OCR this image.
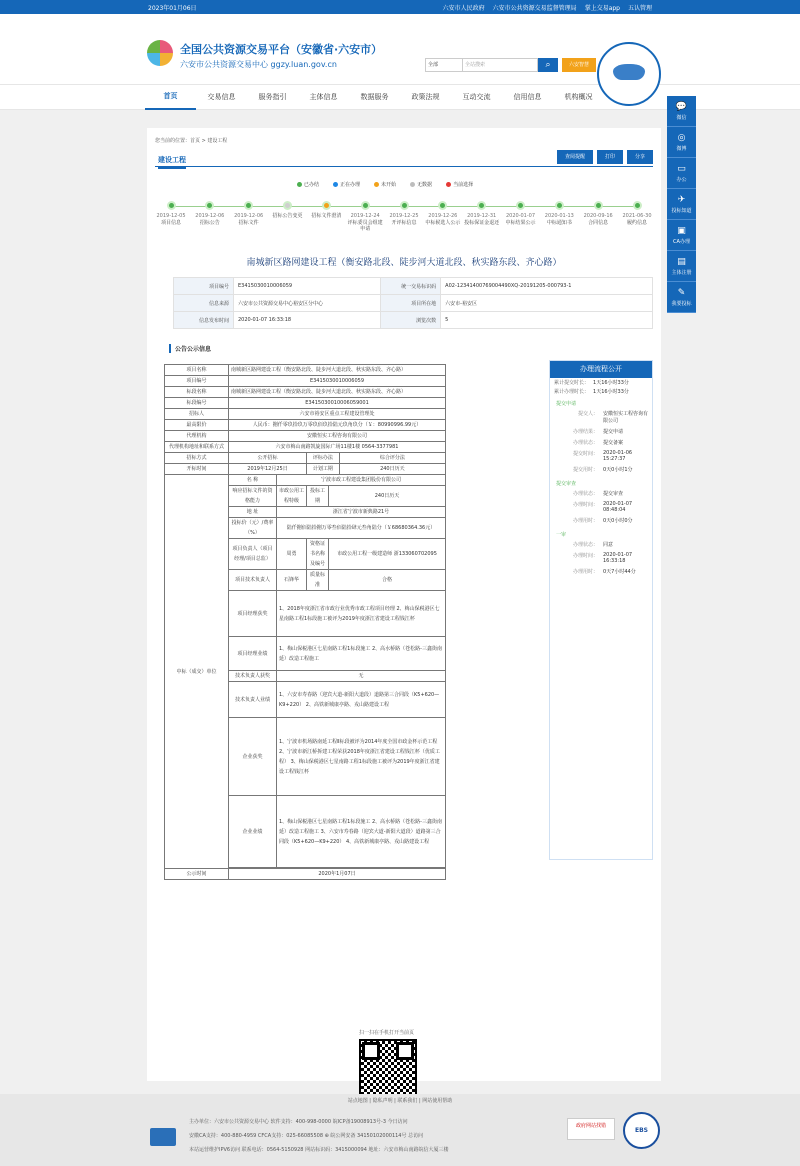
2023年01月06日	六安市人民政府 六安市公共资源交易监督管理局 掌上交易app 五认管理
全国公共资源交易平台（安徽省·六安市）
六安市公共资源交易中心 ggzy.luan.gov.cn	全部	全站搜索	⌕	六安智慧
首页	交易信息	服务指引	主体信息	数据服务	政策法规	互动交流	信用信息	机构概况
💬
微信
◎
微博
▭
办公
✈
投标知道
▣
CA办理
▤
主体注册
✎
我要投标
您当前的位置：首页 > 建设工程
建设工程	查阅提醒	打印	分享
已办结	正在办理	未开始	无数据	当前选择
2019-12-05
项目信息
2019-12-06
招标公告
2019-12-06
招标文件
招标公告变更	招标文件澄清	2019-12-24
评标委员会组建申请
2019-12-25
开评标信息
2019-12-26
中标候选人公示
2019-12-31
投标保证金退还
2020-01-07
中标结果公示
2020-01-13
中标通知书
2020-09-16
合同信息
2021-06-30
履约信息
南城新区路网建设工程（衡安路北段、陡步河大道北段、秋实路东段、齐心路）
项目编号	E3415030010006059	统一交易标识码	A02-12341400769004490XQ-20191205-000793-1
信息来源	六安市公共资源交易中心裕安区分中心	项目所在地	六安市-裕安区
信息发布时间	2020-01-07 16:33:18	浏览次数	5
公告公示信息
项目名称	南城新区路网建设工程（衡安路北段、陡步河大道北段、秋实路东段、齐心路）				
项目编号	E3415030010006059				
标段名称	南城新区路网建设工程（衡安路北段、陡步河大道北段、秋实路东段、齐心路）				
标段编号	E3415030010006059001				
招标人	六安市裕安区重点工程建设管理处				
最高限价	人民币：捌仟零玖拾玖万零玖佰玖拾陆元玖角玖分（￥：80990996.99元）				
代理机构	安徽恒实工程咨询有限公司				
代理机构地址和联系方式	六安市梅山南路凯旋国际广场11楼1楼 0564-3377981				
招标方式	公开招标		评标办法		综合评分法
开标时间	2019年12月25日		计划工期		240日历天
中标（成交）单位	名 称	宁波市政工程建设集团股份有限公司			
	响应招标文件的资格能力	市政公用工程特级	投标工期	240日历天	
	地 址	浙江省宁波市新典路21号			
	投标价（元）/费率（%）	陆仟捌佰陆拾捌万零叁佰陆拾肆元叁角陆分（￥68680364.36元）			
	项目负责人（项目经理/项目总监）	周勇	资格证书名称及编号	市政公用工程一级建造师 浙133060702095	
	项目技术负责人	石锋华	质量标准	合格	
	项目经理获奖	1、2018年度浙江省市政行业优秀市政工程项目经理 2、梅山保税港区七星南路工程1标段施工被评为2019年度浙江省建设工程钱江杯			
	项目经理业绩	1、梅山保税港区七星南路工程1标段施工 2、高水桥路（苍松路-三鑫街南延）改造工程施工			
	技术负责人获奖	无			
	技术负责人业绩	1、六安市寿春路（迎宾大道-新阳大道段）道路第三合同段（K5+620—K9+220） 2、高铁新城康亭路、戎山路建设工程			
	企业获奖	1、宁波市机场路南延工程Ⅱ标段被评为2014年度全国市政金杯示范工程 2、宁波市新江桥拆建工程荣获2018年度浙江省建设工程钱江杯（优质工程） 3、梅山保税港区七星南路工程1标段施工被评为2019年度浙江省建设工程钱江杯			
	企业业绩	1、梅山保税港区七星南路工程1标段施工 2、高水桥路（苍松路-三鑫街南延）改造工程施工 3、六安市寿春路（迎宾大道-新阳大道段）道路第三合同段（K5+620—K9+220） 4、高铁新城康亭路、戎山路建设工程			

公示时间	2020年1月07日				
办理流程公开
累计提交时长： 1天16小时33分
累计办理时长： 1天16小时33分
提交申请
提交人： 安徽恒实工程咨询有限公司
办理结果： 提交申请
办理状态： 提交备案
提交时间： 2020-01-06 15:27:37
提交用时： 0天0小时1分
提交审查
办理状态： 提交审查
办理时间： 2020-01-07 08:48:04
办理用时： 0天0小时0分
一审
办理状态： 同意
办理时间： 2020-01-07 16:33:18
办理用时： 0天7小时44分
扫一扫在手机打开当前页
站点地图 | 隐私声明 | 联系我们 | 网站使用帮助
主办单位：六安市公共资源交易中心 软件支持：400-998-0000 皖ICP备19008913号-3 今日访问
安徽CA支持：400-880-4959 CFCA支持：025-66085508 ⊕ 皖公网安备 34150102000114号 总访问
本站运营维护IPV6访问 联系电话：0564-5150928 网站标识码：3415000094 地址：六安市梅山南路皖信大厦三楼
政府网站找错
EBS
